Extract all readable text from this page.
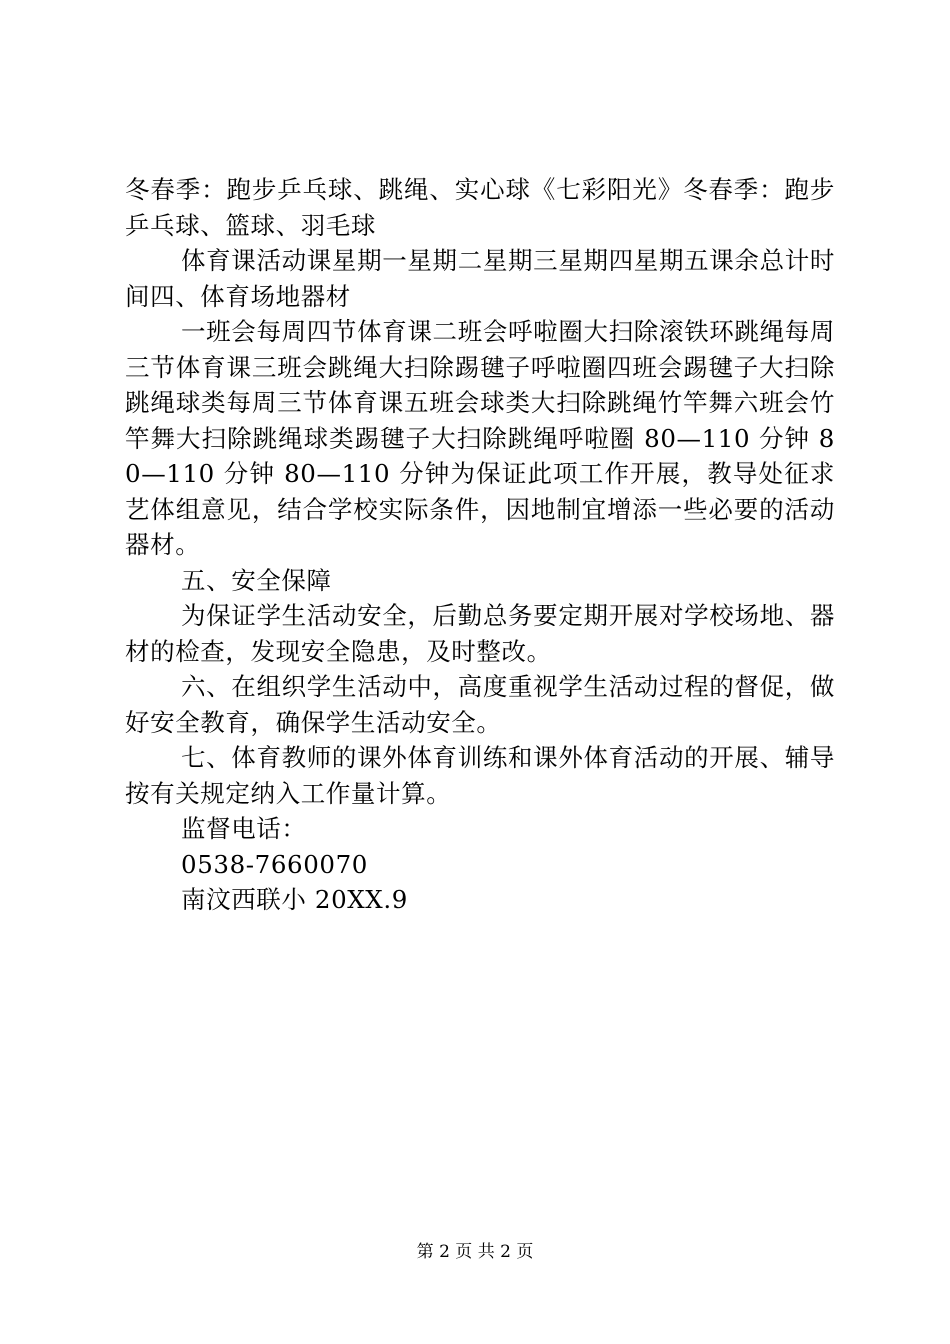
冬春季：跑步乒乓球、跳绳、实心球《七彩阳光》冬春季：跑步乒乓球、篮球、羽毛球

体育课活动课星期一星期二星期三星期四星期五课余总计时间四、体育场地器材

一班会每周四节体育课二班会呼啦圈大扫除滚铁环跳绳每周三节体育课三班会跳绳大扫除踢毽子呼啦圈四班会踢毽子大扫除跳绳球类每周三节体育课五班会球类大扫除跳绳竹竿舞六班会竹竿舞大扫除跳绳球类踢毽子大扫除跳绳呼啦圈 80—110 分钟 80—110 分钟 80—110 分钟为保证此项工作开展，教导处征求艺体组意见，结合学校实际条件，因地制宜增添一些必要的活动器材。

五、安全保障

为保证学生活动安全，后勤总务要定期开展对学校场地、器材的检查，发现安全隐患，及时整改。

六、在组织学生活动中，高度重视学生活动过程的督促，做好安全教育，确保学生活动安全。

七、体育教师的课外体育训练和课外体育活动的开展、辅导按有关规定纳入工作量计算。

监督电话：

0538-7660070

南汶西联小 20XX.9

第 2 页 共 2 页
